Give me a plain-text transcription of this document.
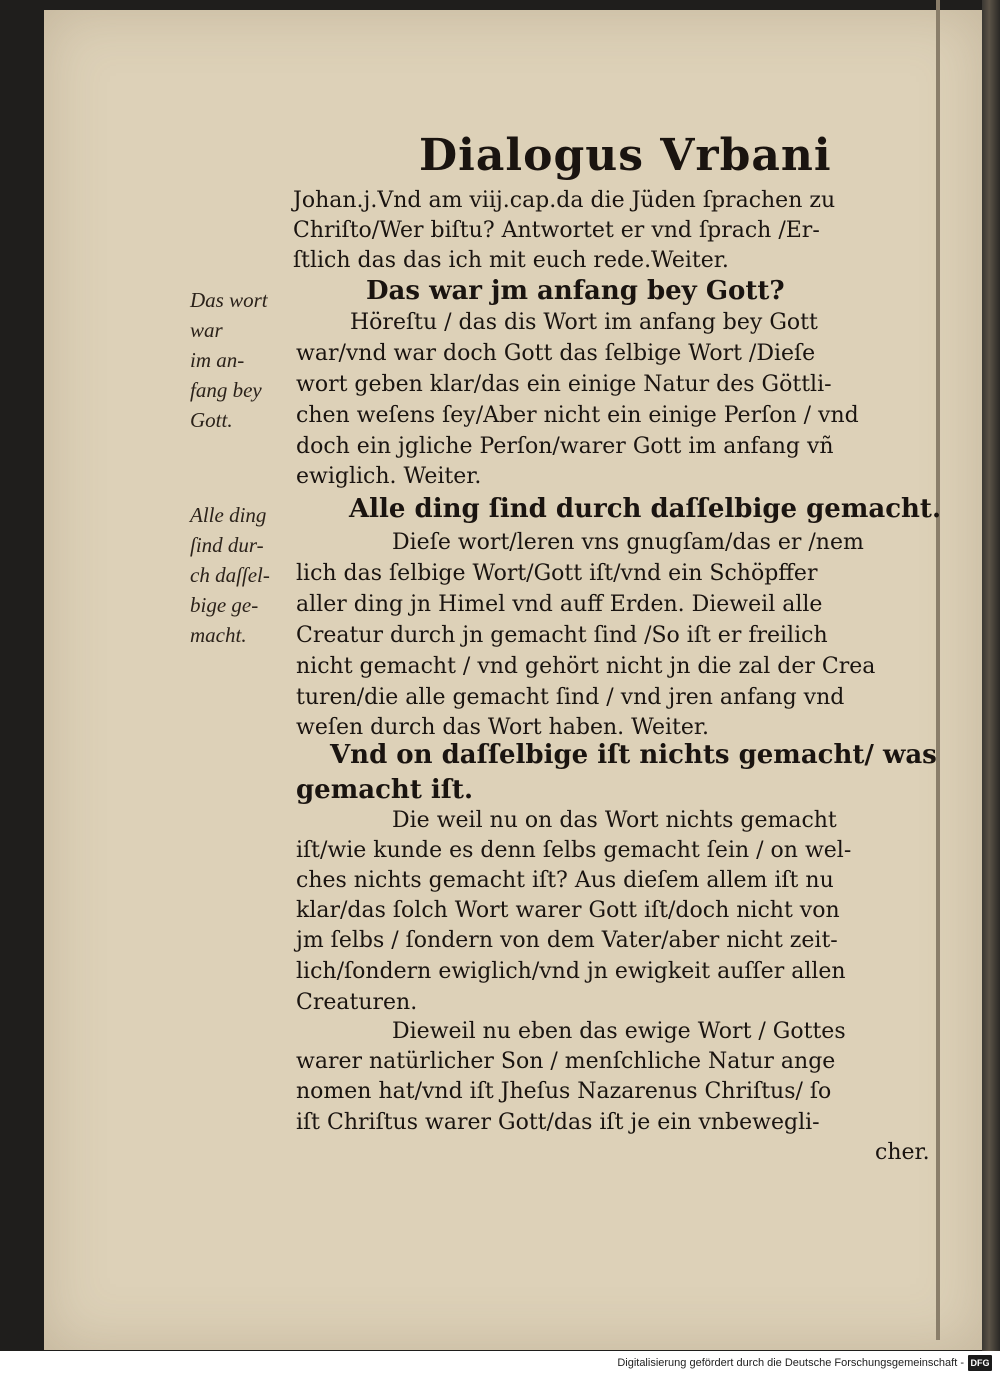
Dialogus Vrbani
Das wort
war
im an-
fang bey
Gott.
Alle ding
ſind dur-
ch daſſel-
bige ge-
macht.
Johan.j.Vnd am viij.cap.da die Jüden ſprachen zu
Chriſto/Wer biſtu? Antwortet er vnd ſprach /Er-
ſtlich das das ich mit euch rede.Weiter.
Das war jm anfang bey Gott?
Höreſtu / das dis Wort im anfang bey Gott
war/vnd war doch Gott das ſelbige Wort /Dieſe
wort geben klar/das ein einige Natur des Göttli-
chen weſens ſey/Aber nicht ein einige Perſon / vnd
doch ein jgliche Perſon/warer Gott im anfang vñ
ewiglich. Weiter.
Alle ding ſind durch daſſelbige gemacht.
Dieſe wort/leren vns gnugſam/das er /nem
lich das ſelbige Wort/Gott iſt/vnd ein Schöpffer
aller ding jn Himel vnd auff Erden. Dieweil alle
Creatur durch jn gemacht ſind /So iſt er freilich
nicht gemacht / vnd gehört nicht jn die zal der Crea
turen/die alle gemacht ſind / vnd jren anfang vnd
weſen durch das Wort haben. Weiter.
Vnd on daſſelbige iſt nichts gemacht/ was
gemacht iſt.
Die weil nu on das Wort nichts gemacht
iſt/wie kunde es denn ſelbs gemacht ſein / on wel-
ches nichts gemacht iſt? Aus dieſem allem iſt nu
klar/das ſolch Wort warer Gott iſt/doch nicht von
jm ſelbs / ſondern von dem Vater/aber nicht zeit-
lich/ſondern ewiglich/vnd jn ewigkeit auſſer allen
Creaturen.
Dieweil nu eben das ewige Wort / Gottes
warer natürlicher Son / menſchliche Natur ange
nomen hat/vnd iſt Jheſus Nazarenus Chriſtus/ ſo
iſt Chriſtus warer Gott/das iſt je ein vnbewegli-
cher.
Digitalisierung gefördert durch die Deutsche Forschungsgemeinschaft - DFG
